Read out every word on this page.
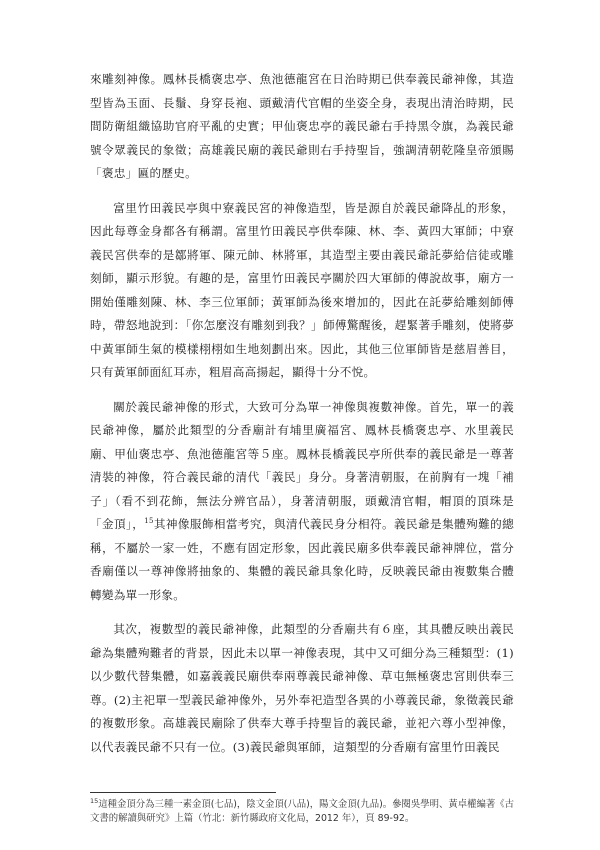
來雕刻神像。鳳林長橋褒忠亭、魚池德龍宮在日治時期已供奉義民爺神像，其造型皆為玉面、長鬚、身穿長袍、頭戴清代官帽的坐姿全身，表現出清治時期，民間防衛組織協助官府平亂的史實；甲仙褒忠亭的義民爺右手持黑令旗，為義民爺號令眾義民的象徵；高雄義民廟的義民爺則右手持聖旨，強調清朝乾隆皇帝頒賜「褒忠」匾的歷史。

富里竹田義民亭與中寮義民宮的神像造型，皆是源自於義民爺降乩的形象，因此每尊金身都各有稱謂。富里竹田義民亭供奉陳、林、李、黃四大軍師；中寮義民宮供奉的是鄒將軍、陳元帥、林將軍，其造型主要由義民爺託夢給信徒或雕刻師，顯示形貌。有趣的是，富里竹田義民亭關於四大軍師的傳說故事，廟方一開始僅雕刻陳、林、李三位軍師；黃軍師為後來增加的，因此在託夢給雕刻師傅時，帶怒地說到：「你怎麼沒有雕刻到我？」師傅驚醒後，趕緊著手雕刻，使將夢中黃軍師生氣的模樣栩栩如生地刻劃出來。因此，其他三位軍師皆是慈眉善目，只有黃軍師面紅耳赤，粗眉高高揚起，顯得十分不悅。

關於義民爺神像的形式，大致可分為單一神像與複數神像。首先，單一的義民爺神像，屬於此類型的分香廟計有埔里廣福宮、鳳林長橋褒忠亭、水里義民廟、甲仙褒忠亭、魚池德龍宮等５座。鳳林長橋義民亭所供奉的義民爺是一尊著清裝的神像，符合義民爺的清代「義民」身分。身著清朝服，在前胸有一塊「補子」（看不到花飾，無法分辨官品），身著清朝服，頭戴清官帽，帽頂的頂珠是「金頂」，$^{15}$其神像服飾相當考究，與清代義民身分相符。義民爺是集體殉難的總稱，不屬於一家一姓，不應有固定形象，因此義民廟多供奉義民爺神牌位，當分香廟僅以一尊神像將抽象的、集體的義民爺具象化時，反映義民爺由複數集合體轉變為單一形象。

其次，複數型的義民爺神像，此類型的分香廟共有６座，其具體反映出義民爺為集體殉難者的背景，因此未以單一神像表現，其中又可細分為三種類型：(1)以少數代替集體，如嘉義義民廟供奉兩尊義民爺神像、草屯無極褒忠宮則供奉三尊。(2)主祀單一型義民爺神像外，另外奉祀造型各異的小尊義民爺，象徵義民爺的複數形象。高雄義民廟除了供奉大尊手持聖旨的義民爺，並祀六尊小型神像，以代表義民爺不只有一位。(3)義民爺與軍師，這類型的分香廟有富里竹田義民

$^{15}$這種金頂分為三種一素金頂(七品)，陰文金頂(八品)，陽文金頂(九品)。參閱吳學明、黃卓權編著《古文書的解讀與研究》上篇（竹北：新竹縣政府文化局，2012 年），頁 89-92。
